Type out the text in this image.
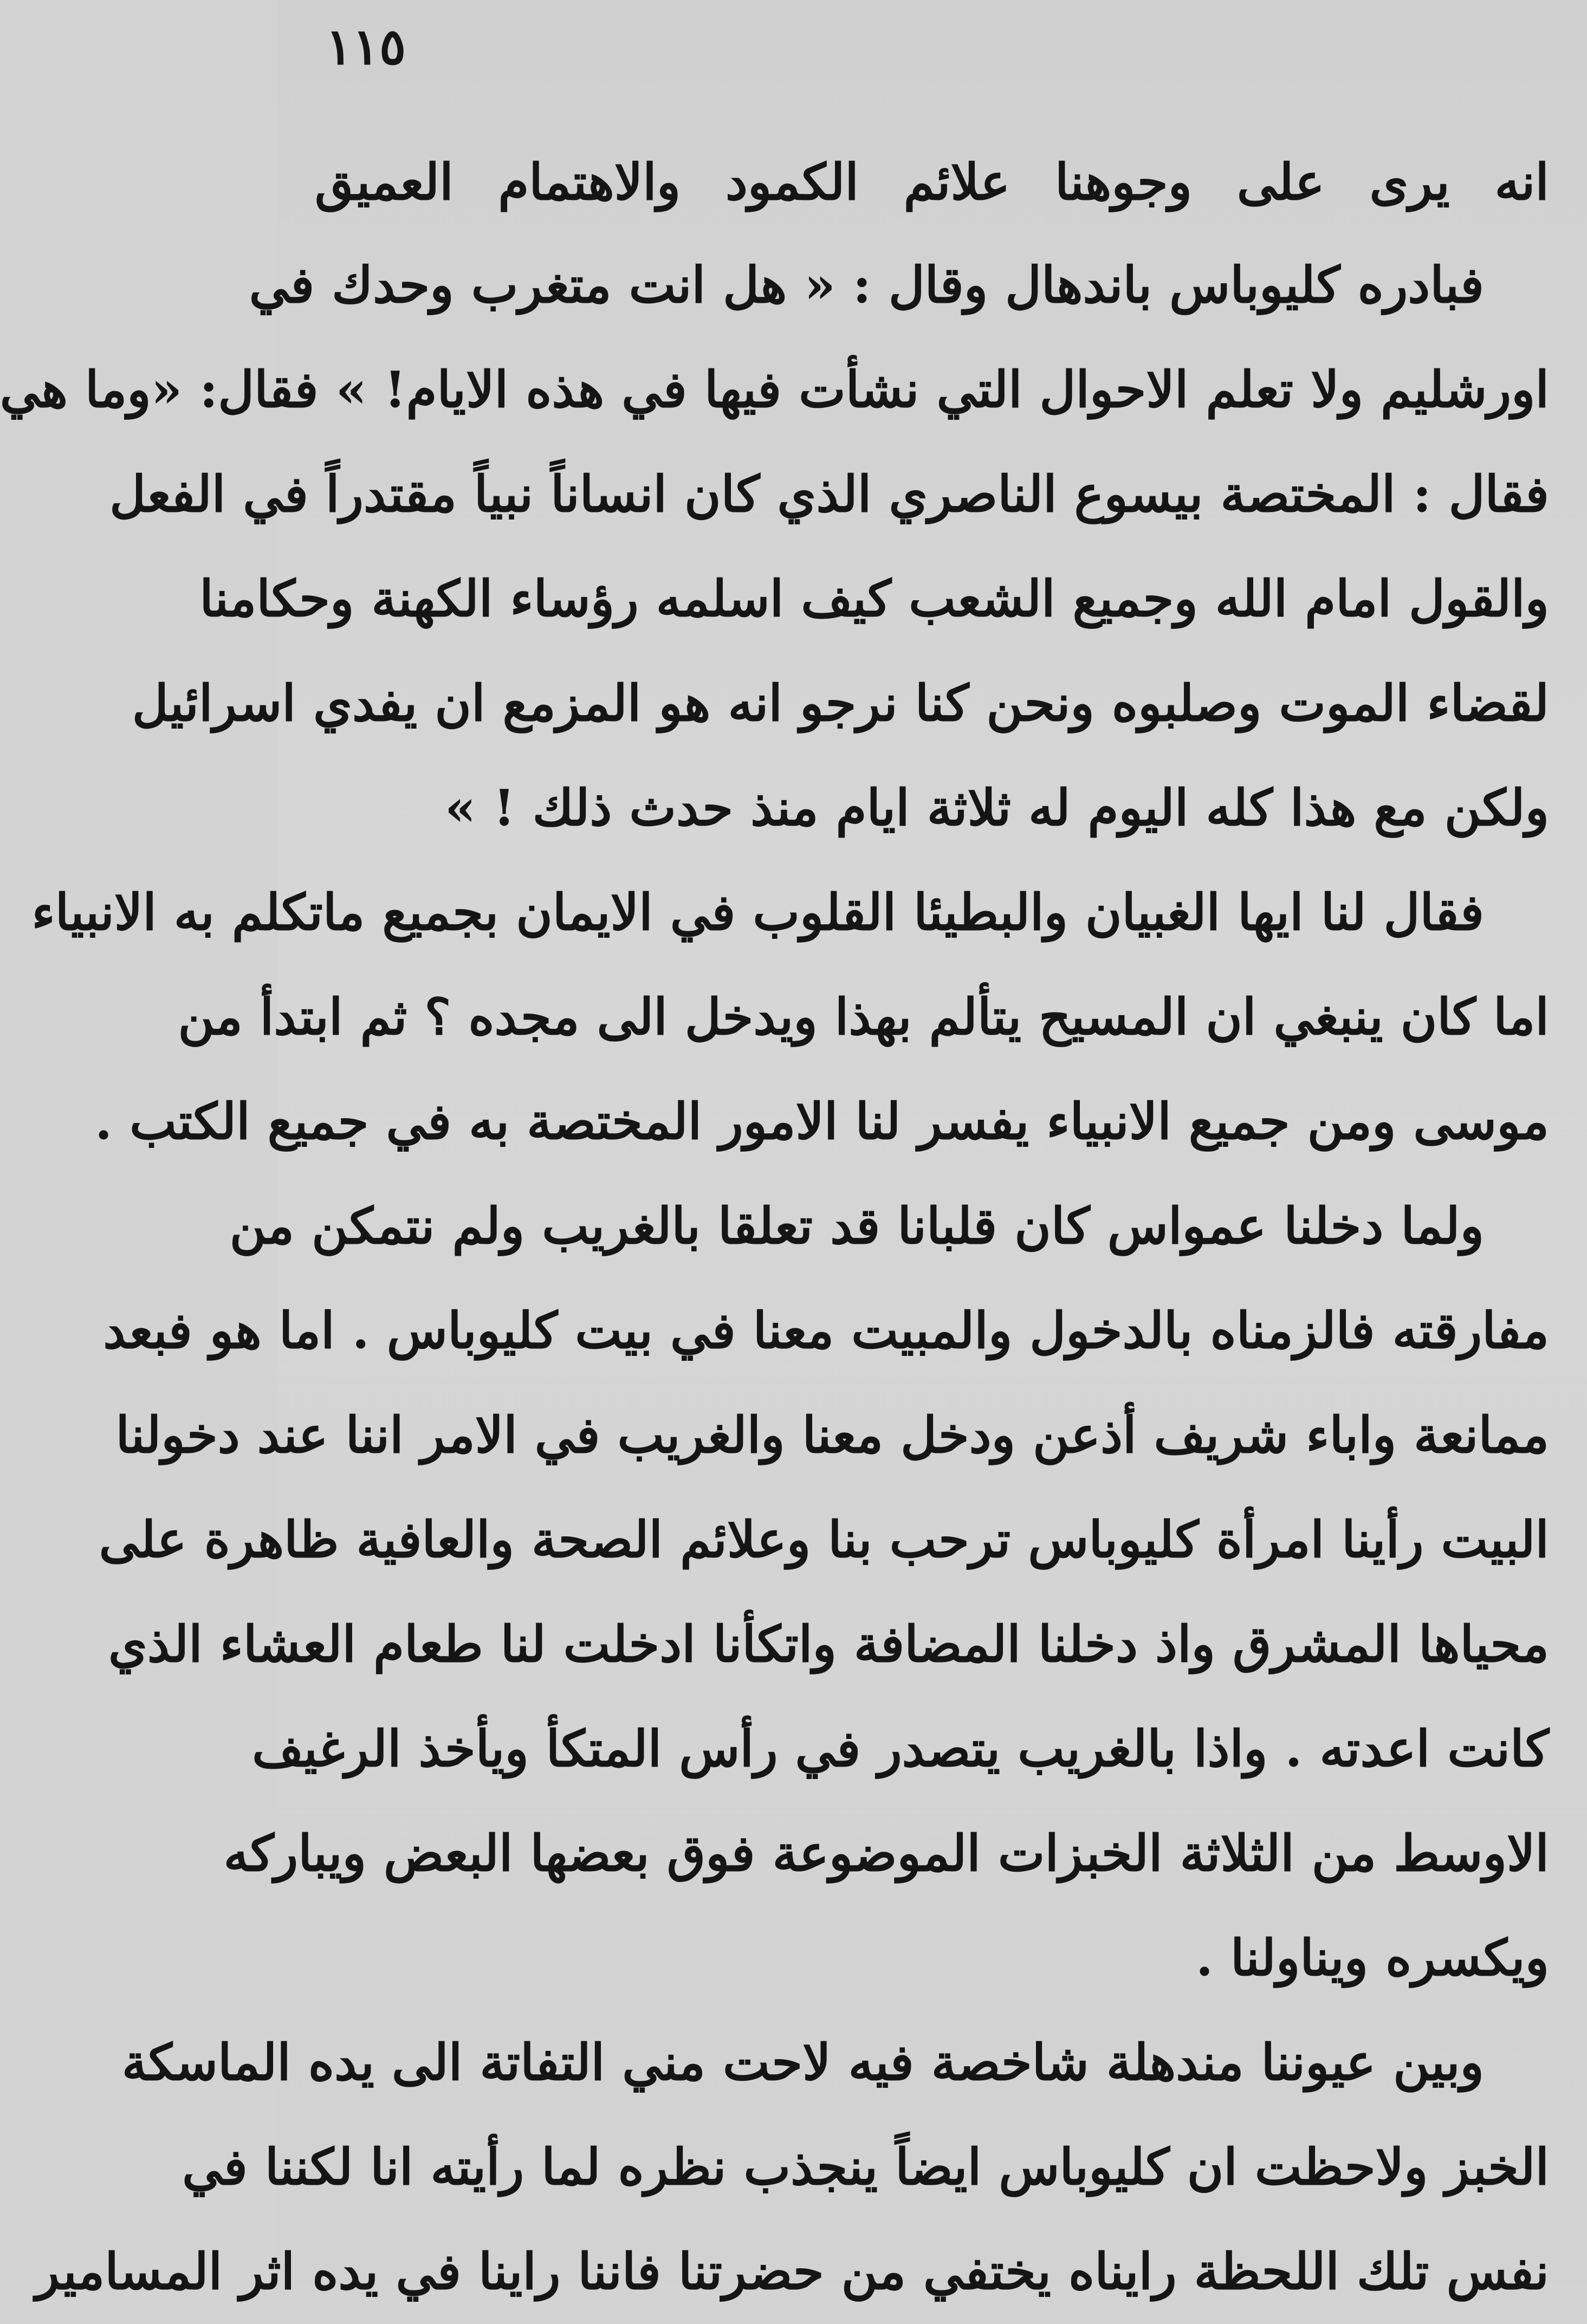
١١٥
انه يرى على وجوهنا علائم الكمود والاهتمام العميق
فبادره كليوباس باندهال وقال : « هل انت متغرب وحدك في
اورشليم ولا تعلم الاحوال التي نشأت فيها في هذه الايام! » فقال: «وما هي
فقال : المختصة بيسوع الناصري الذي كان انساناً نبياً مقتدراً في الفعل
والقول امام الله وجميع الشعب كيف اسلمه رؤساء الكهنة وحكامنا
لقضاء الموت وصلبوه ونحن كنا نرجو انه هو المزمع ان يفدي اسرائيل
ولكن مع هذا كله اليوم له ثلاثة ايام منذ حدث ذلك ! »
فقال لنا ايها الغبيان والبطيئا القلوب في الايمان بجميع ماتكلم به الانبياء
اما كان ينبغي ان المسيح يتألم بهذا ويدخل الى مجده ؟ ثم ابتدأ من
موسى ومن جميع الانبياء يفسر لنا الامور المختصة به في جميع الكتب .
ولما دخلنا عمواس كان قلبانا قد تعلقا بالغريب ولم نتمكن من
مفارقته فالزمناه بالدخول والمبيت معنا في بيت كليوباس . اما هو فبعد
ممانعة واباء شريف أذعن ودخل معنا والغريب في الامر اننا عند دخولنا
البيت رأينا امرأة كليوباس ترحب بنا وعلائم الصحة والعافية ظاهرة على
محياها المشرق واذ دخلنا المضافة واتكأنا ادخلت لنا طعام العشاء الذي
كانت اعدته . واذا بالغريب يتصدر في رأس المتكأ ويأخذ الرغيف
الاوسط من الثلاثة الخبزات الموضوعة فوق بعضها البعض ويباركه
ويكسره ويناولنا .
وبين عيوننا مندهلة شاخصة فيه لاحت مني التفاتة الى يده الماسكة
الخبز ولاحظت ان كليوباس ايضاً ينجذب نظره لما رأيته انا لكننا في
نفس تلك اللحظة رايناه يختفي من حضرتنا فاننا راينا في يده اثر المسامير
